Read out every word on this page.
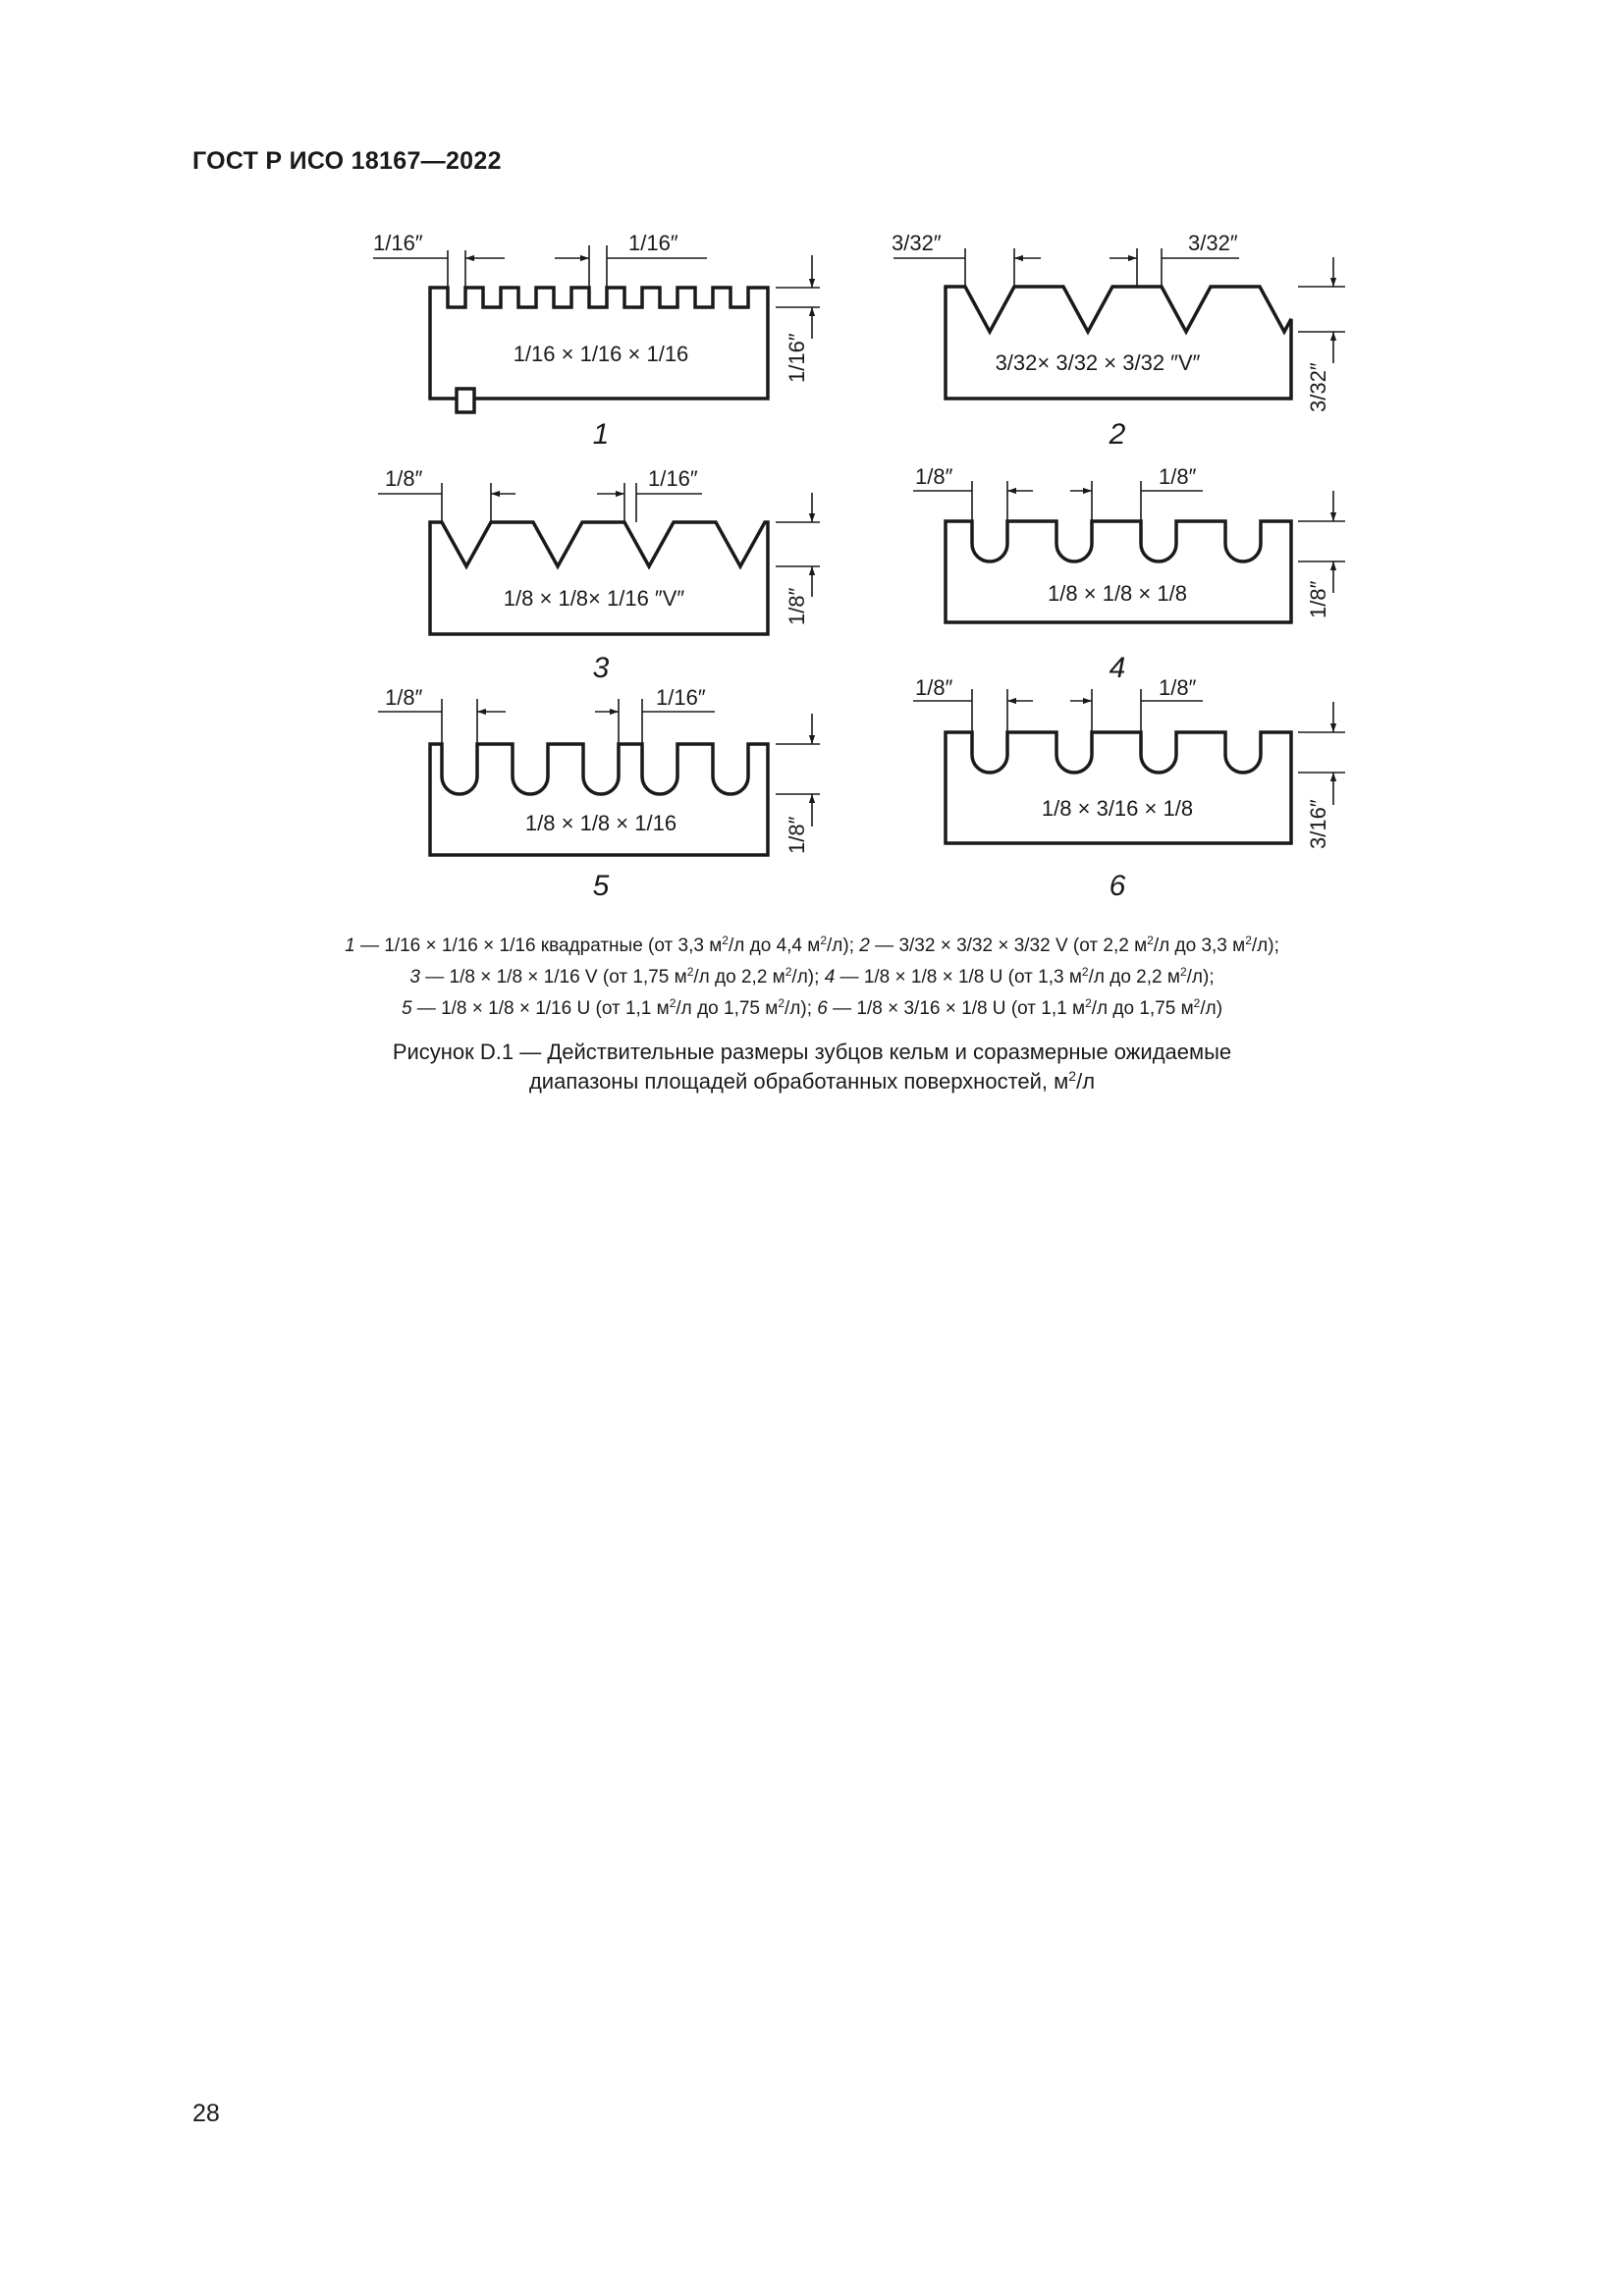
ГОСТ Р ИСО 18167—2022
1/16″	1/16″
1/16″
1/16 × 1/16 × 1/16
1
3/32″	3/32″
3/32″
3/32× 3/32 × 3/32 ″V″
2
1/8″	1/16″
1/8″
1/8 × 1/8× 1/16 ″V″
3
1/8″	1/8″
1/8″
1/8 × 1/8 × 1/8
4
1/8″	1/16″
1/8″
1/8 × 1/8 × 1/16
5
1/8″	1/8″
3/16″
1/8 × 3/16 × 1/8
6
1 — 1/16 × 1/16 × 1/16 квадратные (от 3,3 $м^2/л$ до 4,4 $м^2/л$); 2 — 3/32 × 3/32 × 3/32 V (от 2,2 $м^2/л$ до 3,3 $м^2/л$);
3 — 1/8 × 1/8 × 1/16 V (от 1,75 $м^2/л$ до 2,2 $м^2/л$); 4 — 1/8 × 1/8 × 1/8 U (от 1,3 $м^2/л$ до 2,2 $м^2/л$);
5 — 1/8 × 1/8 × 1/16 U (от 1,1 $м^2/л$ до 1,75 $м^2/л$); 6 — 1/8 × 3/16 × 1/8 U (от 1,1 $м^2/л$ до 1,75 $м^2/л$)
Рисунок D.1 — Действительные размеры зубцов кельм и соразмерные ожидаемые
диапазоны площадей обработанных поверхностей, $м^2/л$
28
